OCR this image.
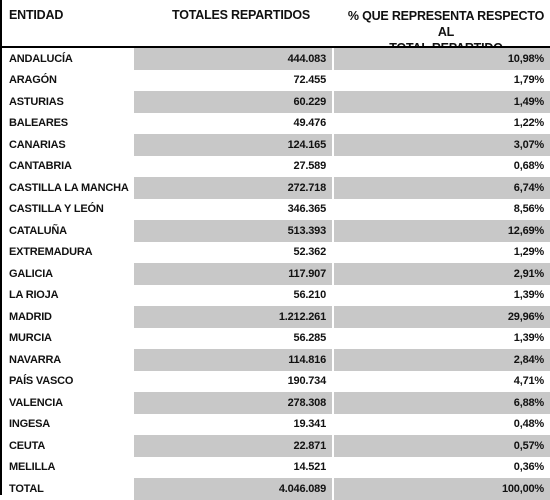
ENTIDAD	TOTALES REPARTIDOS	% QUE REPRESENTA RESPECTO AL
ANDALUCÍA	444.083	10,98%
ARAGÓN	72.455	1,79%
ASTURIAS	60.229	1,49%
BALEARES	49.476	1,22%
CANARIAS	124.165	3,07%
CANTABRIA	27.589	0,68%
CASTILLA LA MANCHA	272.718	6,74%
CASTILLA Y LEÓN	346.365	8,56%
CATALUÑA	513.393	12,69%
EXTREMADURA	52.362	1,29%
GALICIA	117.907	2,91%
LA RIOJA	56.210	1,39%
MADRID	1.212.261	29,96%
MURCIA	56.285	1,39%
NAVARRA	114.816	2,84%
PAÍS VASCO	190.734	4,71%
VALENCIA	278.308	6,88%
INGESA	19.341	0,48%
CEUTA	22.871	0,57%
MELILLA	14.521	0,36%
TOTAL	4.046.089	100,00%
